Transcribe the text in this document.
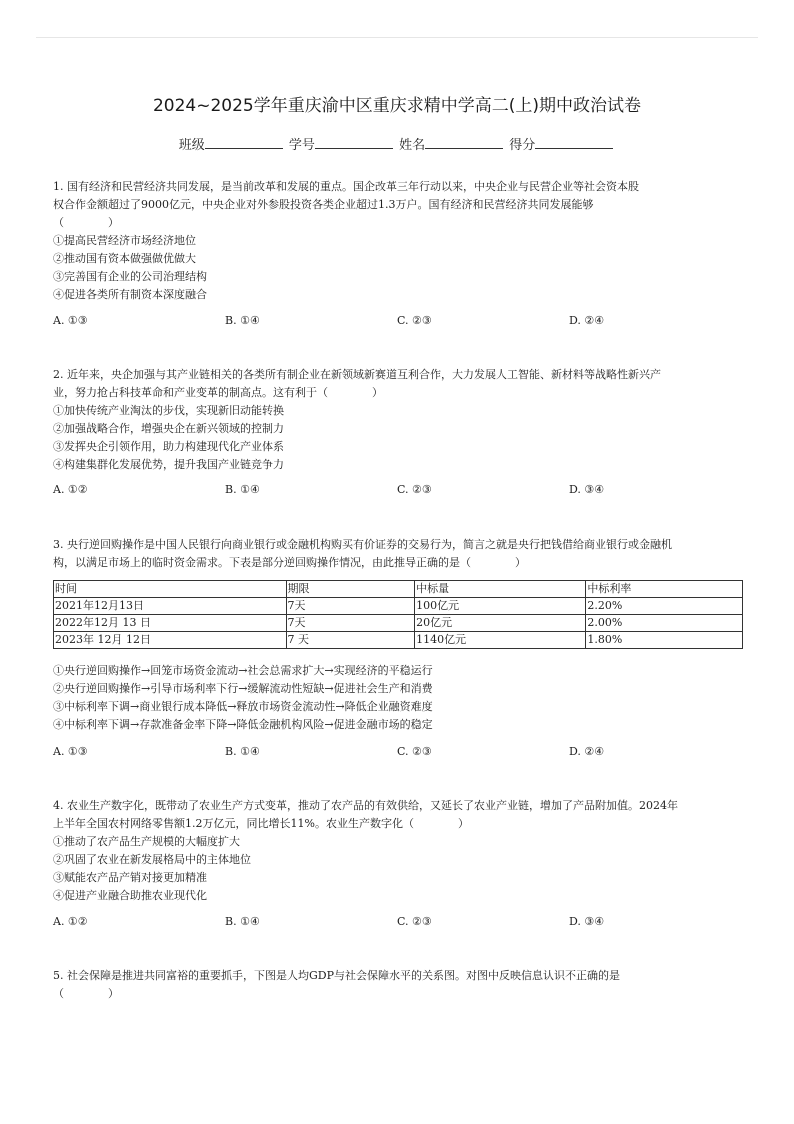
2024~2025学年重庆渝中区重庆求精中学高二(上)期中政治试卷
班级	学号	姓名	得分

1. 国有经济和民营经济共同发展，是当前改革和发展的重点。国企改革三年行动以来，中央企业与民营企业等社会资本股

权合作金额超过了9000亿元，中央企业对外参股投资各类企业超过1.3万户。国有经济和民营经济共同发展能够

（　　　　）

①提高民营经济市场经济地位

②推动国有资本做强做优做大

③完善国有企业的公司治理结构

④促进各类所有制资本深度融合

A. ①③	B. ①④	C. ②③	D. ②④

2. 近年来，央企加强与其产业链相关的各类所有制企业在新领域新赛道互利合作，大力发展人工智能、新材料等战略性新兴产

业，努力抢占科技革命和产业变革的制高点。这有利于（　　　　）

①加快传统产业淘汰的步伐，实现新旧动能转换

②加强战略合作，增强央企在新兴领域的控制力

③发挥央企引领作用，助力构建现代化产业体系

④构建集群化发展优势，提升我国产业链竞争力

A. ①②	B. ①④	C. ②③	D. ③④

3. 央行逆回购操作是中国人民银行向商业银行或金融机构购买有价证券的交易行为，简言之就是央行把钱借给商业银行或金融机

构，以满足市场上的临时资金需求。下表是部分逆回购操作情况，由此推导正确的是（　　　　）

时间	期限	中标量	中标利率
2021年12月13日	7天	100亿元	2.20%
2022年12月 13 日	7天	20亿元	2.00%
2023年 12月 12日	7 天	1140亿元	1.80%

①央行逆回购操作→回笼市场资金流动→社会总需求扩大→实现经济的平稳运行

②央行逆回购操作→引导市场利率下行→缓解流动性短缺→促进社会生产和消费

③中标利率下调→商业银行成本降低→释放市场资金流动性→降低企业融资难度

④中标利率下调→存款准备金率下降→降低金融机构风险→促进金融市场的稳定

A. ①③	B. ①④	C. ②③	D. ②④

4. 农业生产数字化，既带动了农业生产方式变革，推动了农产品的有效供给，又延长了农业产业链，增加了产品附加值。2024年

上半年全国农村网络零售额1.2万亿元，同比增长11%。农业生产数字化（　　　　）

①推动了农产品生产规模的大幅度扩大

②巩固了农业在新发展格局中的主体地位

③赋能农产品产销对接更加精准

④促进产业融合助推农业现代化

A. ①②	B. ①④	C. ②③	D. ③④

5. 社会保障是推进共同富裕的重要抓手，下图是人均GDP与社会保障水平的关系图。对图中反映信息认识不正确的是

（　　　　）
